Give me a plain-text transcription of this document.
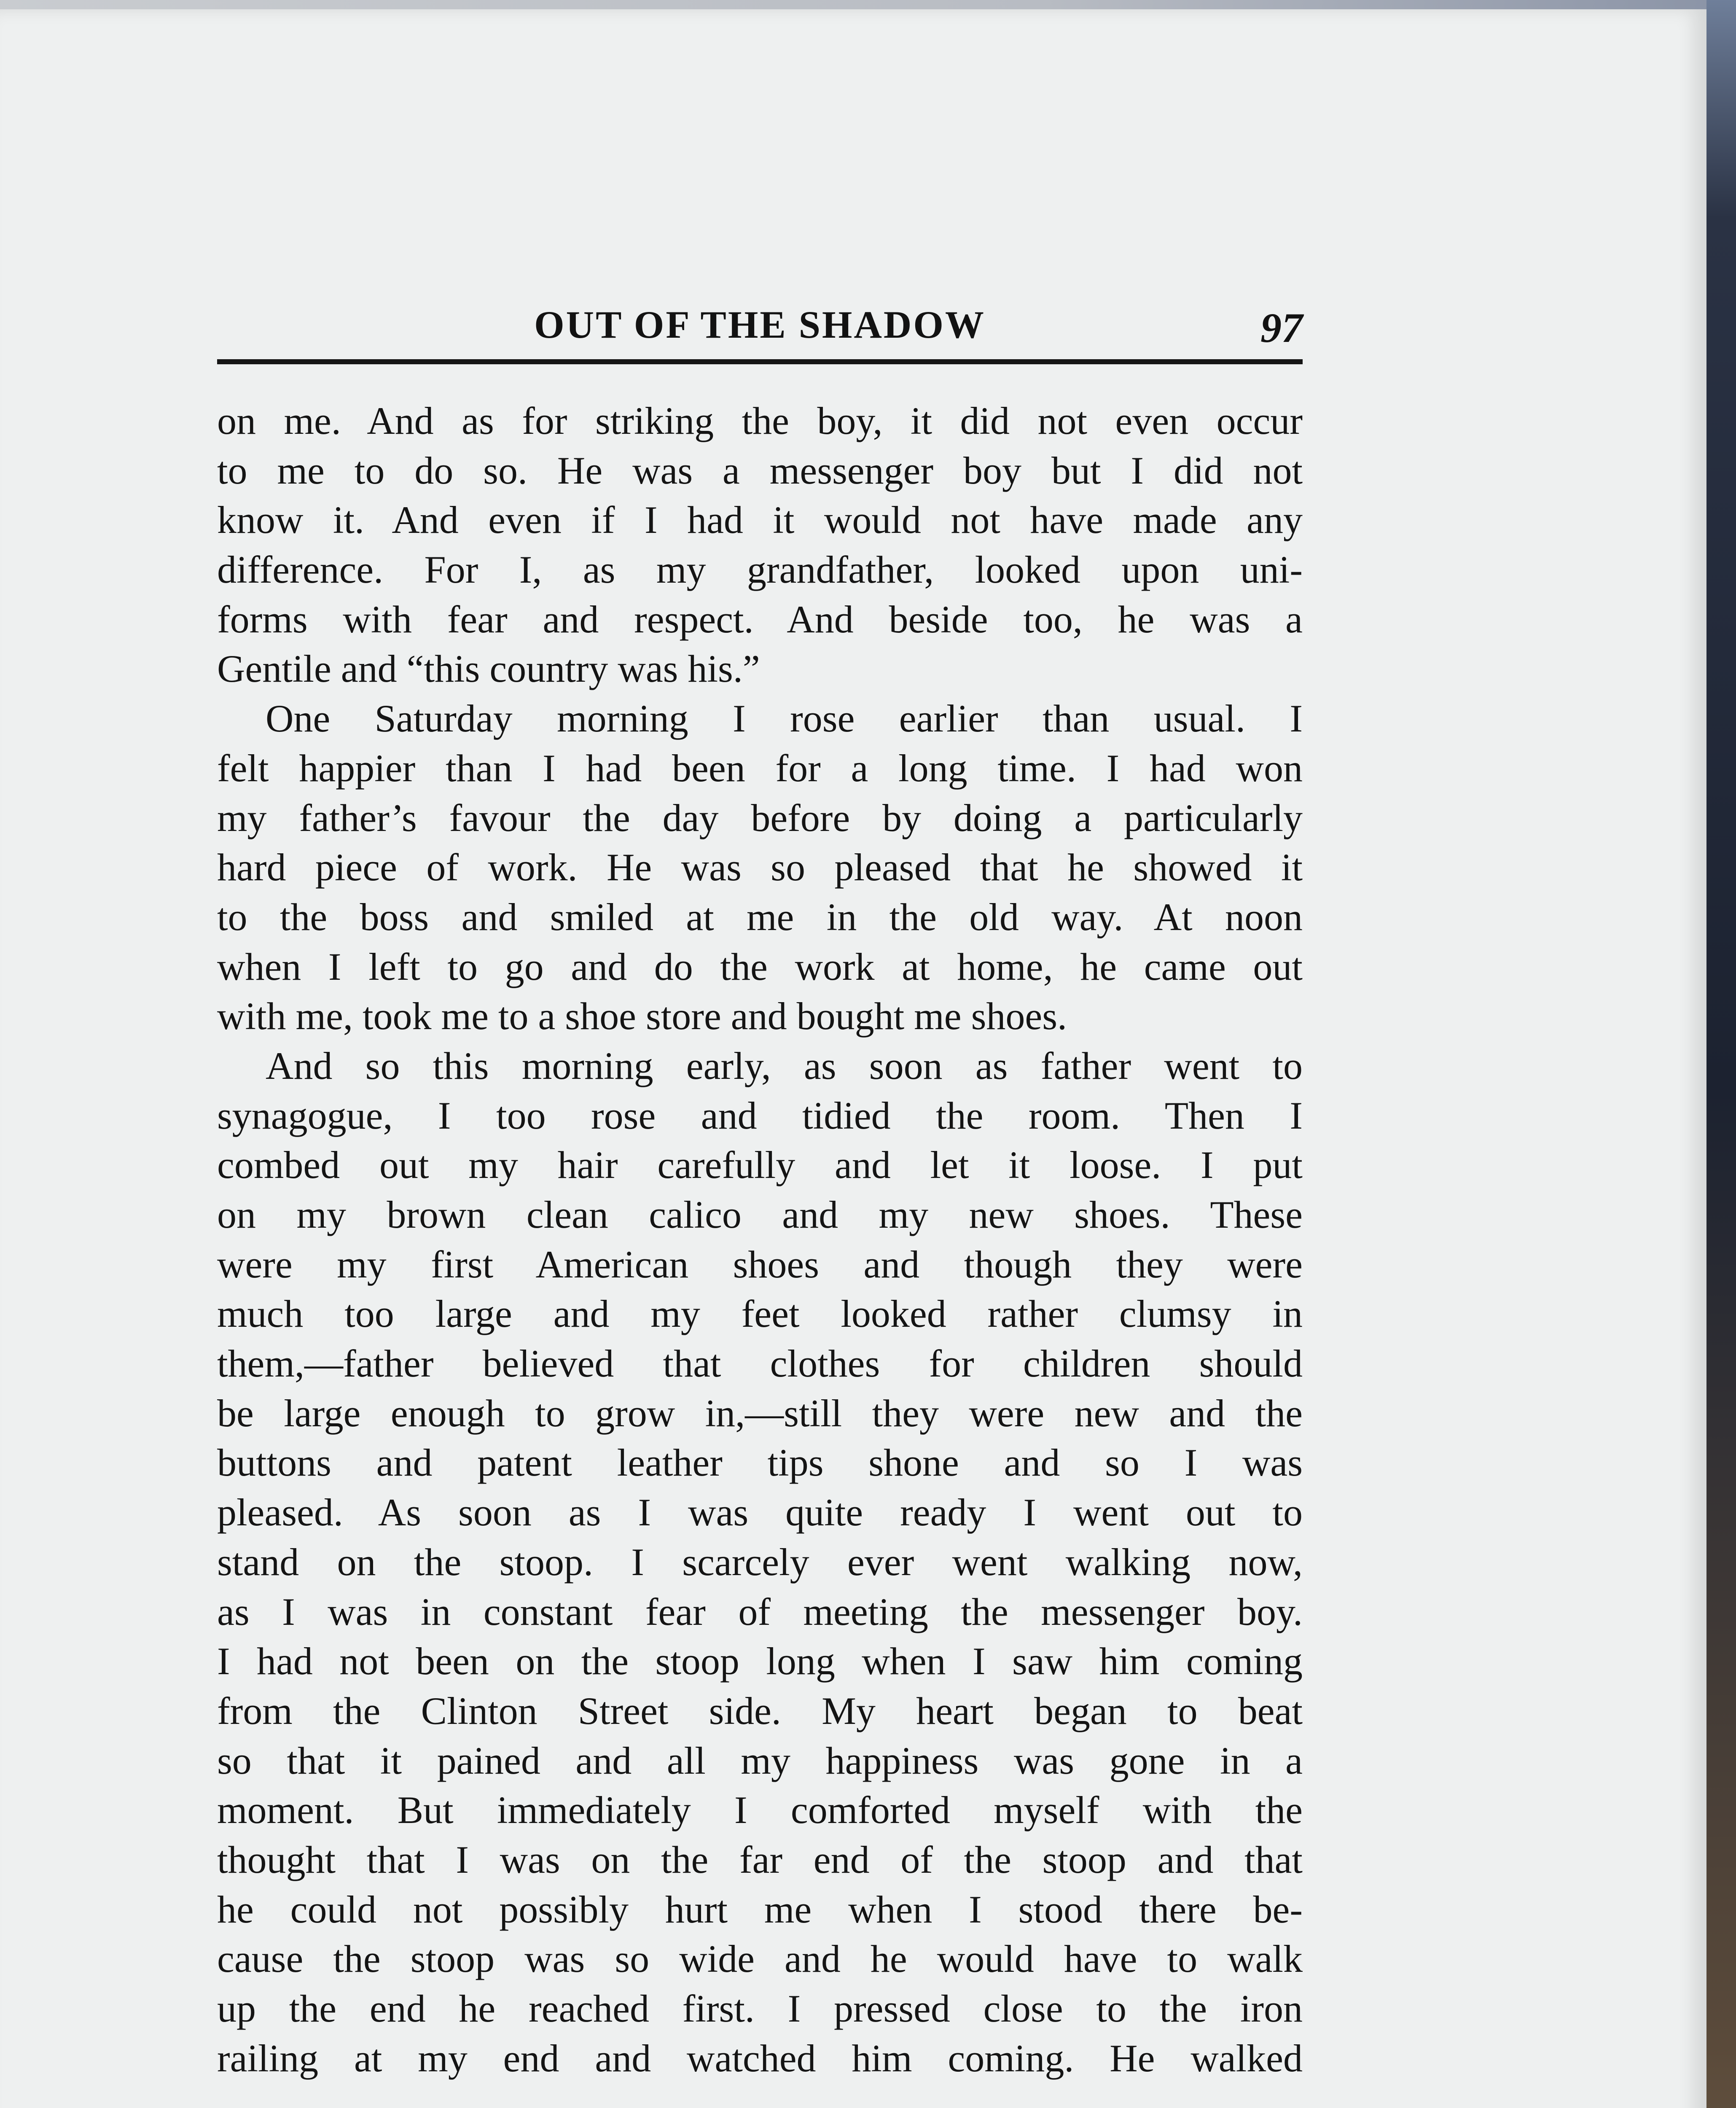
OUT OF THE SHADOW	97
on me. And as for striking the boy, it did not even occur
to me to do so. He was a messenger boy but I did not
know it. And even if I had it would not have made any
difference. For I, as my grandfather, looked upon uni-
forms with fear and respect. And beside too, he was a
Gentile and “this country was his.”
One Saturday morning I rose earlier than usual. I
felt happier than I had been for a long time. I had won
my father’s favour the day before by doing a particularly
hard piece of work. He was so pleased that he showed it
to the boss and smiled at me in the old way. At noon
when I left to go and do the work at home, he came out
with me, took me to a shoe store and bought me shoes.
And so this morning early, as soon as father went to
synagogue, I too rose and tidied the room. Then I
combed out my hair carefully and let it loose. I put
on my brown clean calico and my new shoes. These
were my first American shoes and though they were
much too large and my feet looked rather clumsy in
them,—father believed that clothes for children should
be large enough to grow in,—still they were new and the
buttons and patent leather tips shone and so I was
pleased. As soon as I was quite ready I went out to
stand on the stoop. I scarcely ever went walking now,
as I was in constant fear of meeting the messenger boy.
I had not been on the stoop long when I saw him coming
from the Clinton Street side. My heart began to beat
so that it pained and all my happiness was gone in a
moment. But immediately I comforted myself with the
thought that I was on the far end of the stoop and that
he could not possibly hurt me when I stood there be-
cause the stoop was so wide and he would have to walk
up the end he reached first. I pressed close to the iron
railing at my end and watched him coming. He walked
